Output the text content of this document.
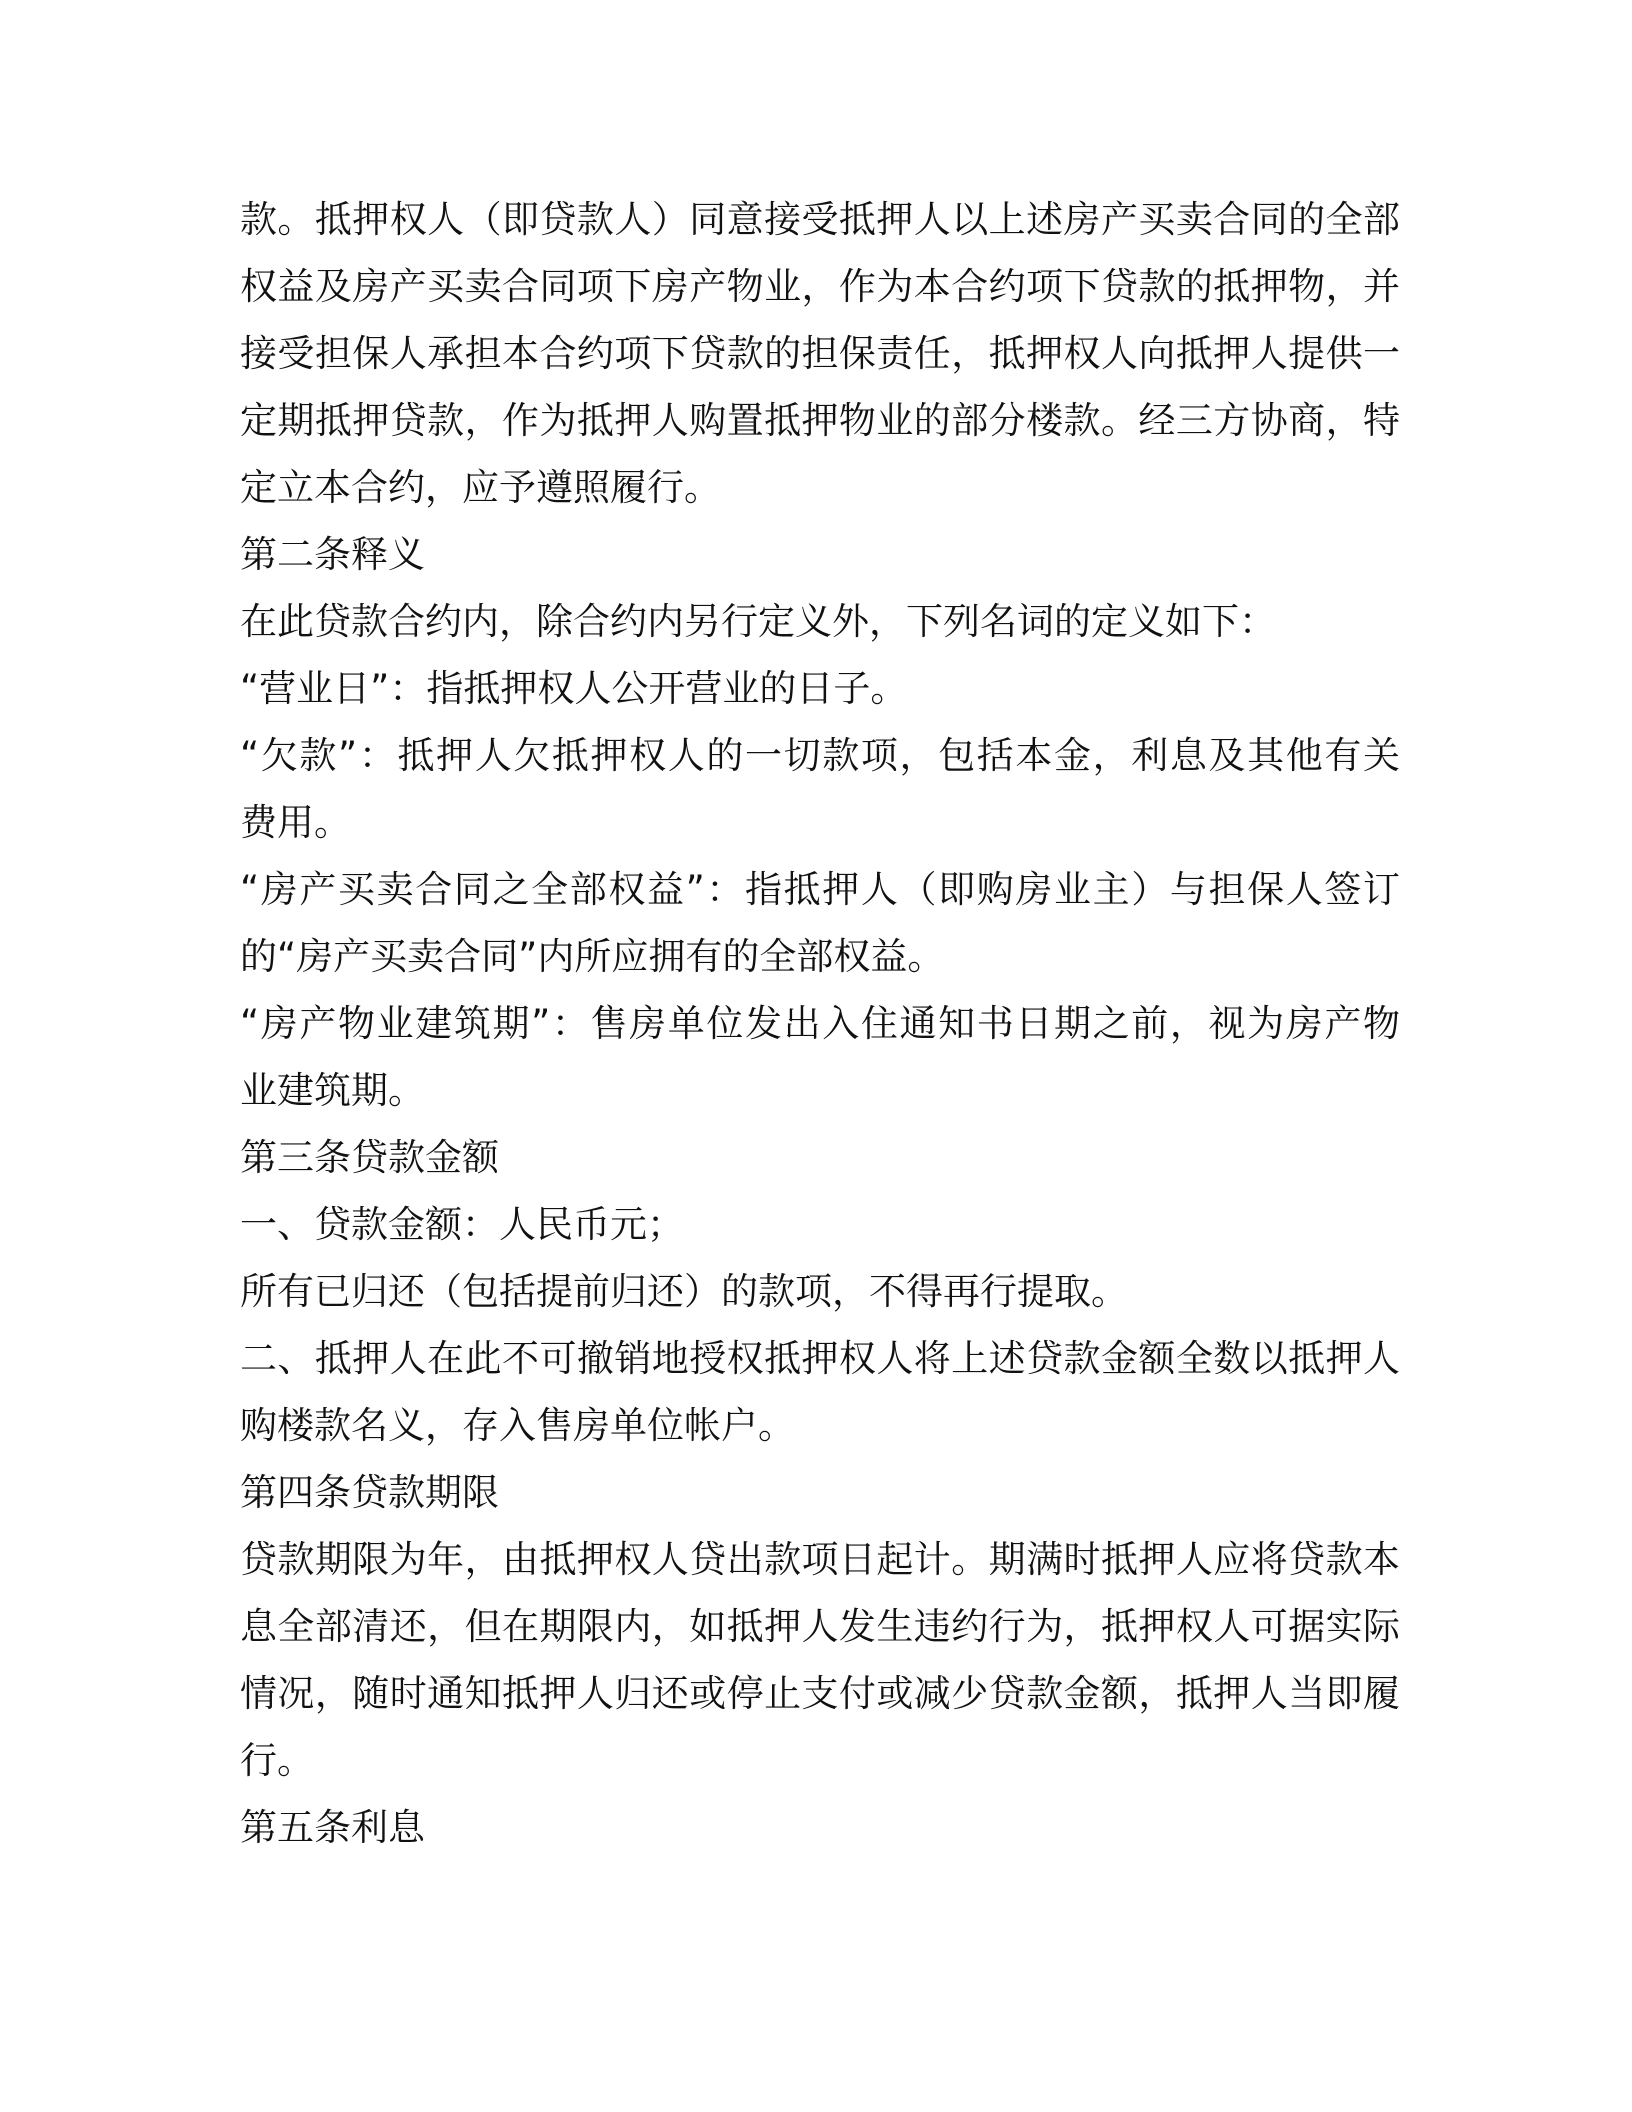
款。抵押权人（即贷款人）同意接受抵押人以上述房产买卖合同的全部
权益及房产买卖合同项下房产物业，作为本合约项下贷款的抵押物，并
接受担保人承担本合约项下贷款的担保责任，抵押权人向抵押人提供一
定期抵押贷款，作为抵押人购置抵押物业的部分楼款。经三方协商，特
定立本合约，应予遵照履行。
第二条释义
在此贷款合约内，除合约内另行定义外，下列名词的定义如下：
“营业日”：指抵押权人公开营业的日子。
“欠款”：抵押人欠抵押权人的一切款项，包括本金，利息及其他有关
费用。
“房产买卖合同之全部权益”：指抵押人（即购房业主）与担保人签订
的“房产买卖合同”内所应拥有的全部权益。
“房产物业建筑期”：售房单位发出入住通知书日期之前，视为房产物
业建筑期。
第三条贷款金额
一、贷款金额：人民币元；
所有已归还（包括提前归还）的款项，不得再行提取。
二、抵押人在此不可撤销地授权抵押权人将上述贷款金额全数以抵押人
购楼款名义，存入售房单位帐户。
第四条贷款期限
贷款期限为年，由抵押权人贷出款项日起计。期满时抵押人应将贷款本
息全部清还，但在期限内，如抵押人发生违约行为，抵押权人可据实际
情况，随时通知抵押人归还或停止支付或减少贷款金额，抵押人当即履
行。
第五条利息
